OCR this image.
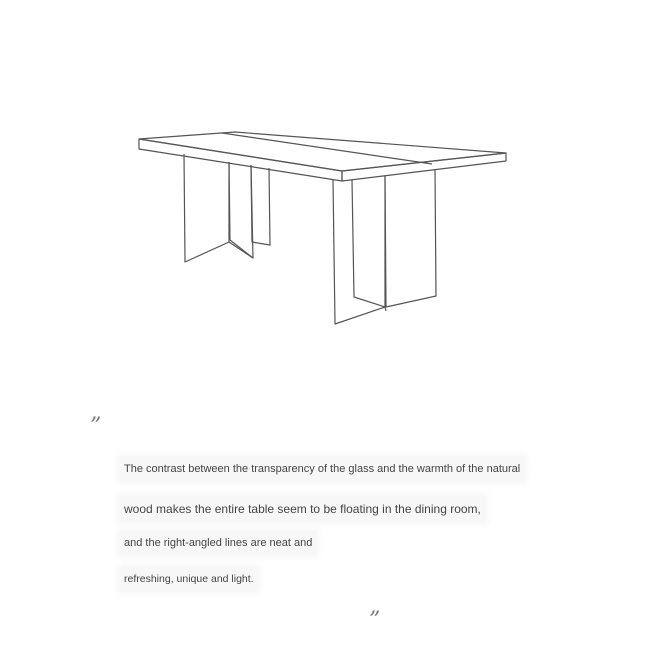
”
The contrast between the transparency of the glass and the warmth of the natural
wood makes the entire table seem to be floating in the dining room,
and the right-angled lines are neat and
refreshing, unique and light.
”
